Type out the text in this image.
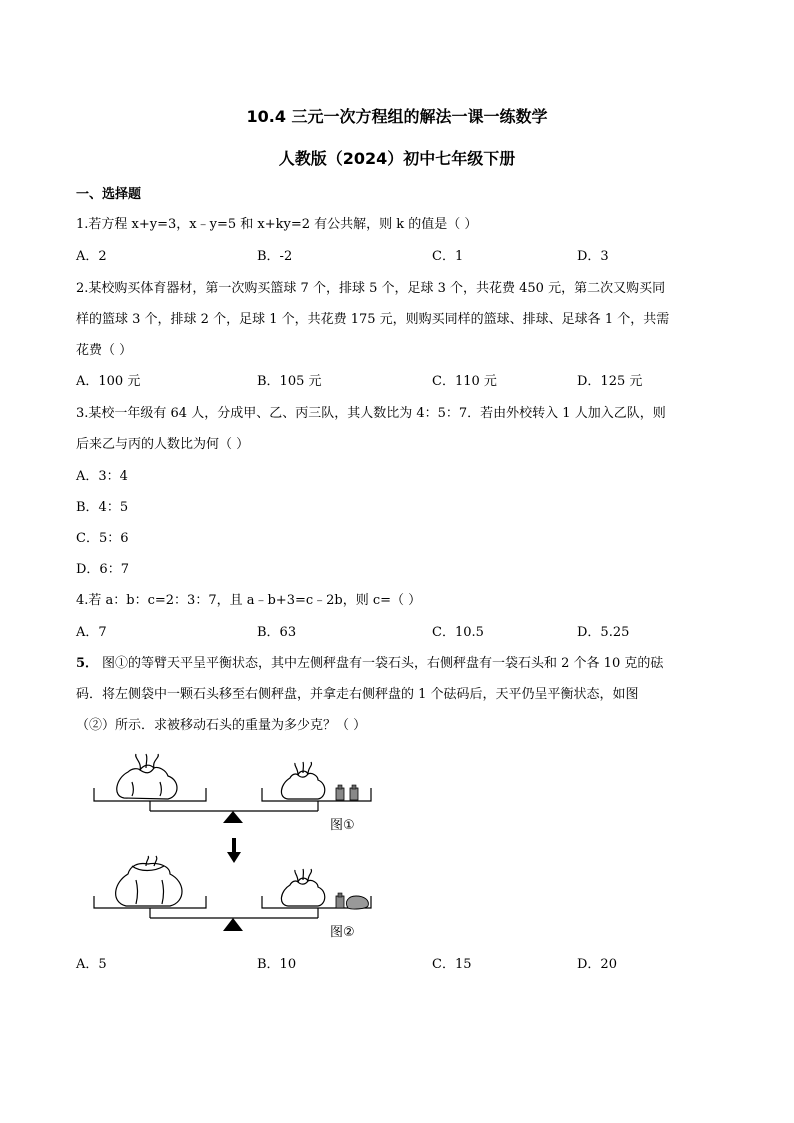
10.4 三元一次方程组的解法一课一练数学
人教版（2024）初中七年级下册
一、选择题
1.若方程 x+y=3，x﹣y=5 和 x+ky=2 有公共解，则 k 的值是（ ）
A．2	B．-2	C．1	D．3
2.某校购买体育器材，第一次购买篮球 7 个，排球 5 个，足球 3 个，共花费 450 元，第二次又购买同
样的篮球 3 个，排球 2 个，足球 1 个，共花费 175 元，则购买同样的篮球、排球、足球各 1 个，共需
花费（ ）
A．100 元	B．105 元	C．110 元	D．125 元
3.某校一年级有 64 人，分成甲、乙、丙三队，其人数比为 4：5：7．若由外校转入 1 人加入乙队，则
后来乙与丙的人数比为何（ ）
A．3：4
B．4：5
C．5：6
D．6：7
4.若 a：b：c=2：3：7，且 a﹣b+3=c﹣2b，则 c=（ ）
A．7	B．63	C．10.5	D．5.25
5． 图①的等臂天平呈平衡状态，其中左侧秤盘有一袋石头，右侧秤盘有一袋石头和 2 个各 10 克的砝
码．将左侧袋中一颗石头移至右侧秤盘，并拿走右侧秤盘的 1 个砝码后，天平仍呈平衡状态，如图
（②）所示．求被移动石头的重量为多少克？（ ）
图①
图②
A．5	B．10	C．15	D．20
